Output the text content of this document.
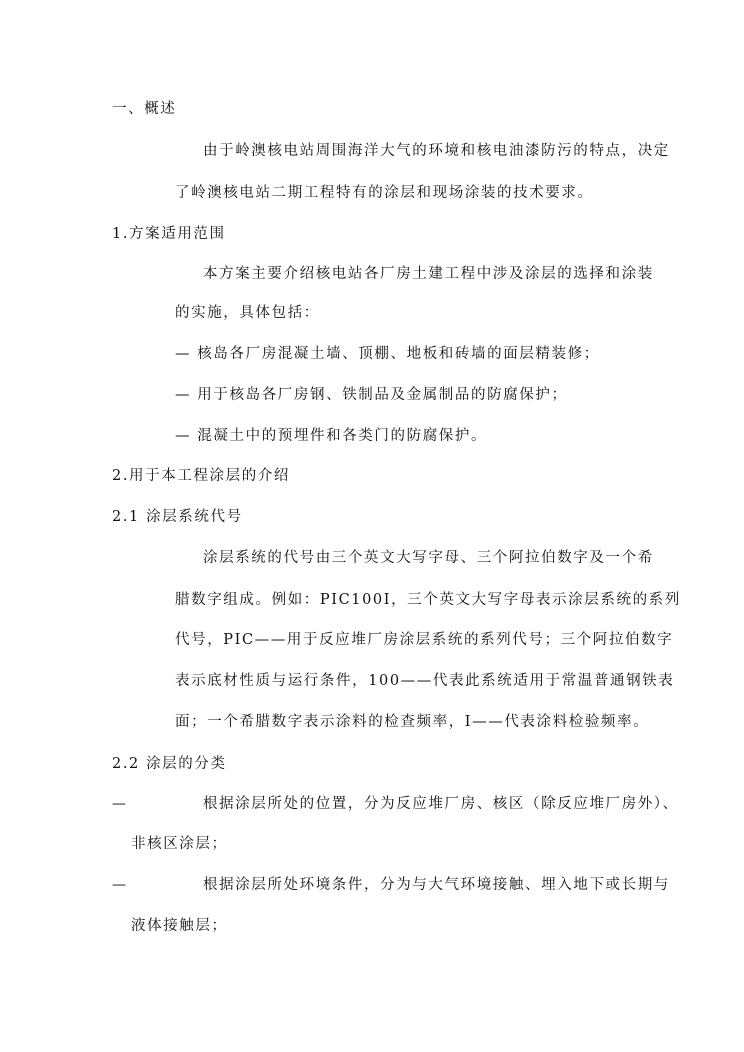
一、概述
由于岭澳核电站周围海洋大气的环境和核电油漆防污的特点，决定
了岭澳核电站二期工程特有的涂层和现场涂装的技术要求。
1.方案适用范围
本方案主要介绍核电站各厂房土建工程中涉及涂层的选择和涂装
的实施，具体包括：
— 核岛各厂房混凝土墙、顶棚、地板和砖墙的面层精装修；
— 用于核岛各厂房钢、铁制品及金属制品的防腐保护；
— 混凝土中的预埋件和各类门的防腐保护。
2.用于本工程涂层的介绍
2.1 涂层系统代号
涂层系统的代号由三个英文大写字母、三个阿拉伯数字及一个希
腊数字组成。例如：PIC100I，三个英文大写字母表示涂层系统的系列
代号，PIC——用于反应堆厂房涂层系统的系列代号；三个阿拉伯数字
表示底材性质与运行条件，100——代表此系统适用于常温普通钢铁表
面；一个希腊数字表示涂料的检查频率，I——代表涂料检验频率。
2.2 涂层的分类
—	根据涂层所处的位置，分为反应堆厂房、核区（除反应堆厂房外）、
非核区涂层；
—	根据涂层所处环境条件，分为与大气环境接触、埋入地下或长期与
液体接触层；
